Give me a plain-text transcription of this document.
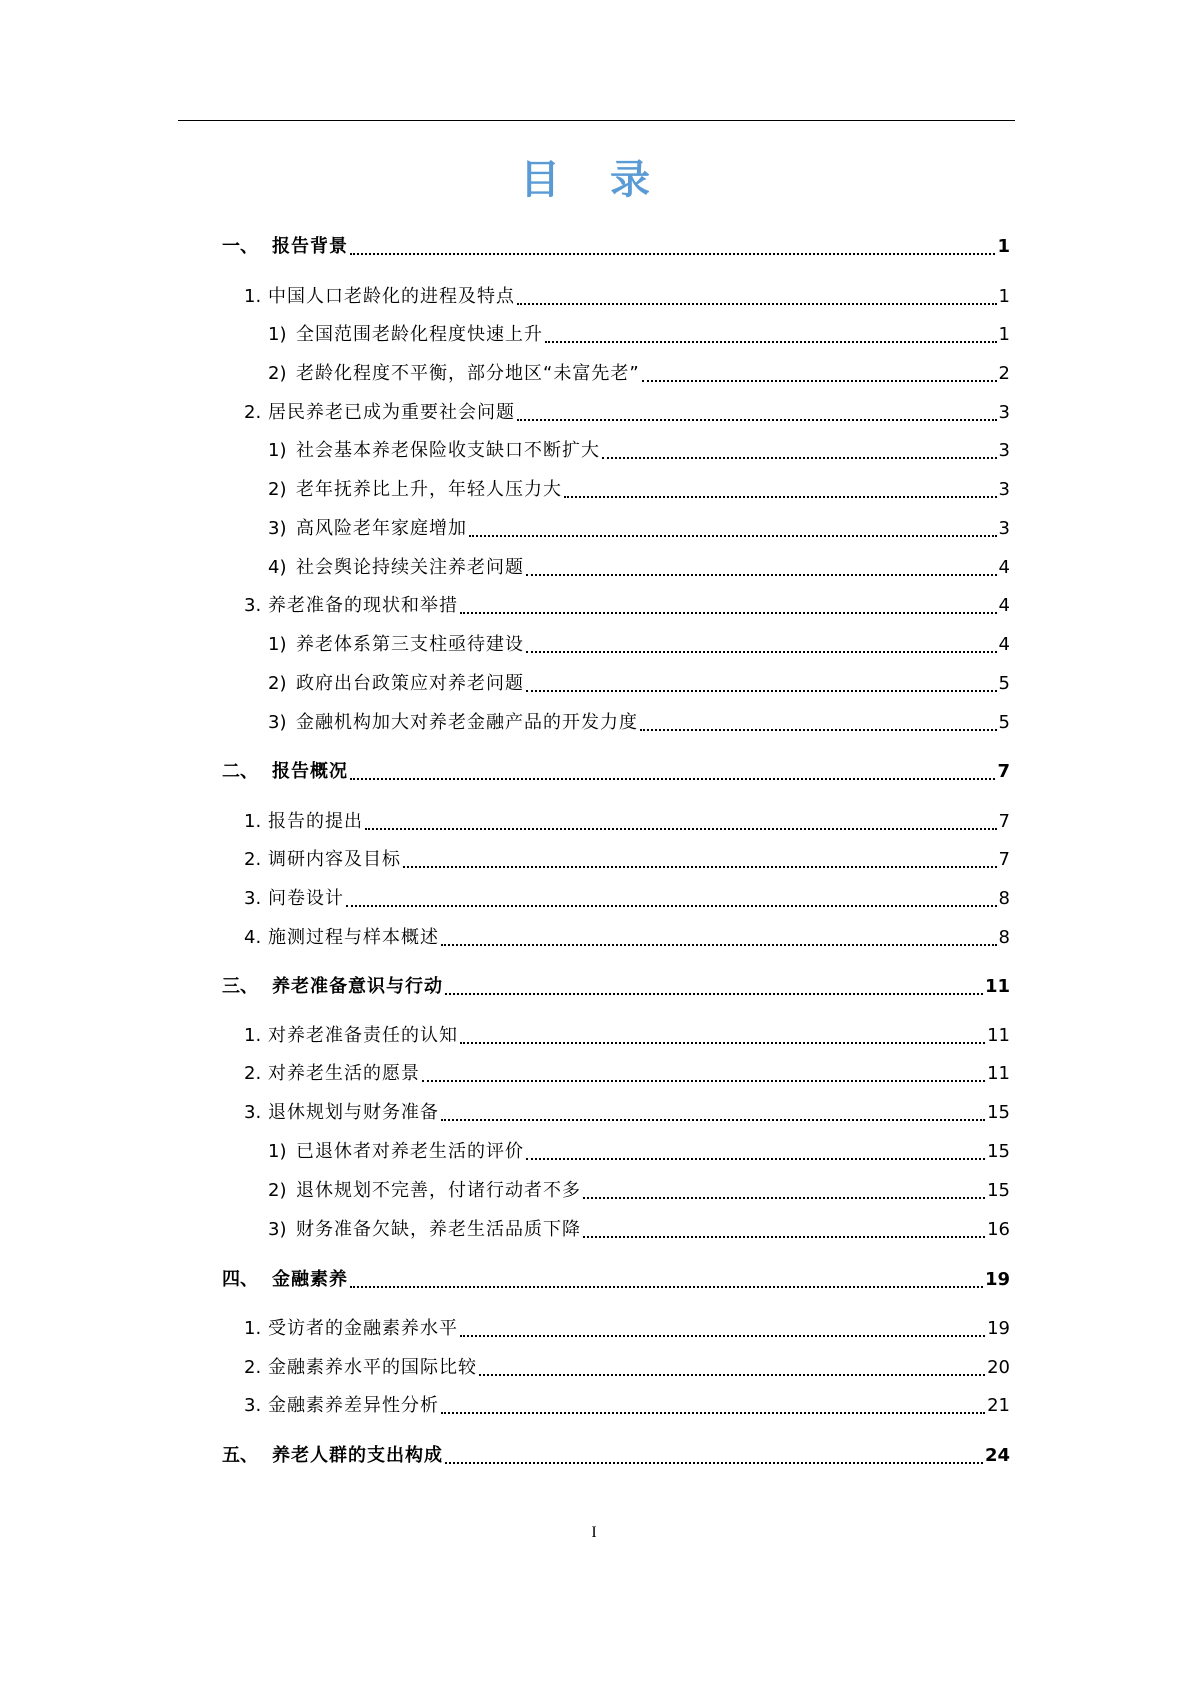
目 录
一、 报告背景	1
1. 中国人口老龄化的进程及特点	1
1) 全国范围老龄化程度快速上升	1
2) 老龄化程度不平衡，部分地区“未富先老”	2
2. 居民养老已成为重要社会问题	3
1) 社会基本养老保险收支缺口不断扩大	3
2) 老年抚养比上升，年轻人压力大	3
3) 高风险老年家庭增加	3
4) 社会舆论持续关注养老问题	4
3. 养老准备的现状和举措	4
1) 养老体系第三支柱亟待建设	4
2) 政府出台政策应对养老问题	5
3) 金融机构加大对养老金融产品的开发力度	5
二、 报告概况	7
1. 报告的提出	7
2. 调研内容及目标	7
3. 问卷设计	8
4. 施测过程与样本概述	8
三、 养老准备意识与行动	11
1. 对养老准备责任的认知	11
2. 对养老生活的愿景	11
3. 退休规划与财务准备	15
1) 已退休者对养老生活的评价	15
2) 退休规划不完善，付诸行动者不多	15
3) 财务准备欠缺，养老生活品质下降	16
四、 金融素养	19
1. 受访者的金融素养水平	19
2. 金融素养水平的国际比较	20
3. 金融素养差异性分析	21
五、 养老人群的支出构成	24
I
